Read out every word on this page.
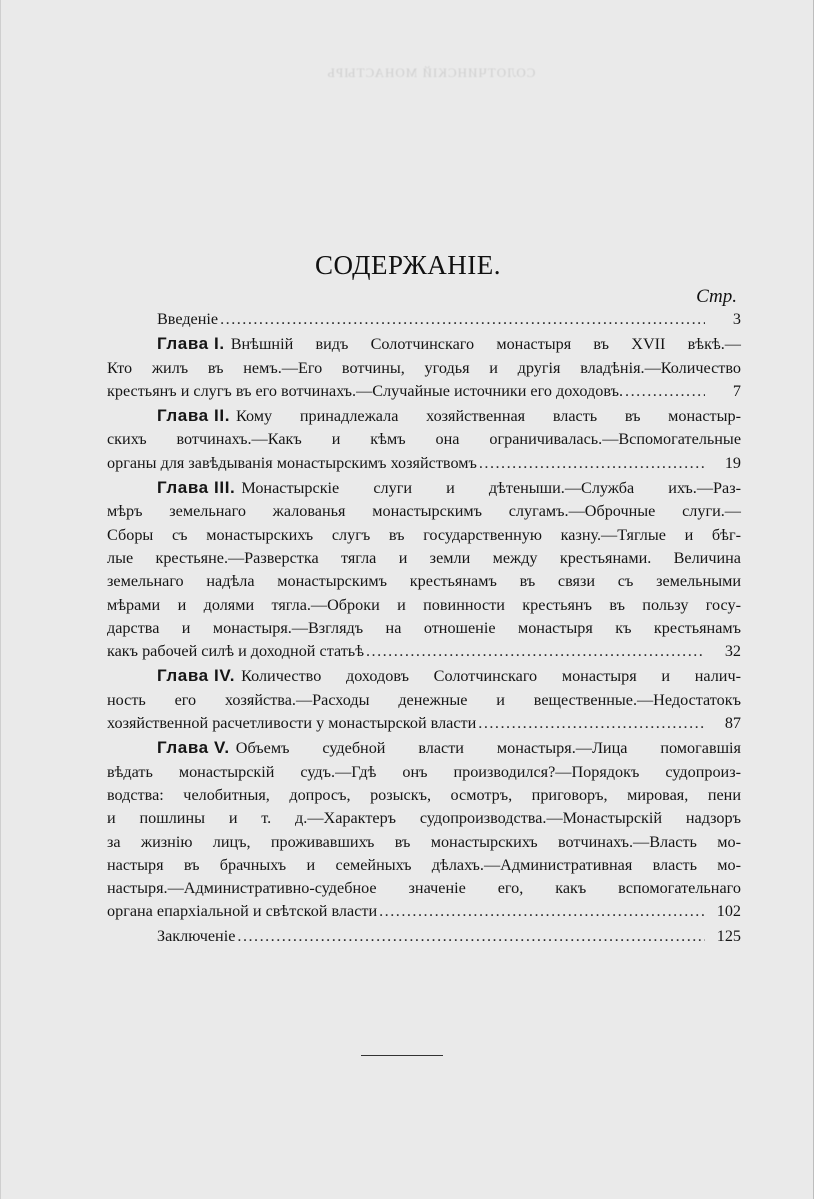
СОЛОТЧИНСКIЙ МОНАСТЫРЬ

СОДЕРЖАНIЕ.
Стр.
Введенiе .....	3
Глава I. Внѣшнiй видъ Солотчинскаго монастыря въ XVII вѣкѣ.—
Кто жилъ въ немъ.—Его вотчины, угодья и другiя владѣнiя.—Количество
крестьянъ и слугъ въ его вотчинахъ.—Случайные источники его доходовъ. .....	7
Глава II. Кому принадлежала хозяйственная власть въ монастыр-
скихъ вотчинахъ.—Какъ и кѣмъ она ограничивалась.—Вспомогательные
органы для завѣдыванiя монастырскимъ хозяйствомъ .....	19
Глава III. Монастырскiе слуги и дѣтеныши.—Служба ихъ.—Раз-
мѣръ земельнаго жалованья монастырскимъ слугамъ.—Оброчные слуги.—
Сборы съ монастырскихъ слугъ въ государственную казну.—Тяглые и бѣг-
лые крестьяне.—Разверстка тягла и земли между крестьянами. Величина
земельнаго надѣла монастырскимъ крестьянамъ въ связи съ земельными
мѣрами и долями тягла.—Оброки и повинности крестьянъ въ пользу госу-
дарства и монастыря.—Взглядъ на отношенiе монастыря къ крестьянамъ
какъ рабочей силѣ и доходной статьѣ .....	32
Глава IV. Количество доходовъ Солотчинскаго монастыря и налич-
ность его хозяйства.—Расходы денежные и вещественные.—Недостатокъ
хозяйственной расчетливости у монастырской власти .....	87
Глава V. Объемъ судебной власти монастыря.—Лица помогавшiя
вѣдать монастырскiй судъ.—Гдѣ онъ производился?—Порядокъ судопроиз-
водства: челобитныя, допросъ, розыскъ, осмотръ, приговоръ, мировая, пени
и пошлины и т. д.—Характеръ судопроизводства.—Монастырскiй надзоръ
за жизнiю лицъ, проживавшихъ въ монастырскихъ вотчинахъ.—Власть мо-
настыря въ брачныхъ и семейныхъ дѣлахъ.—Административная власть мо-
настыря.—Административно-судебное значенiе его, какъ вспомогательнаго
органа епархiальной и свѣтской власти .....	102
Заключенiе .....	125
